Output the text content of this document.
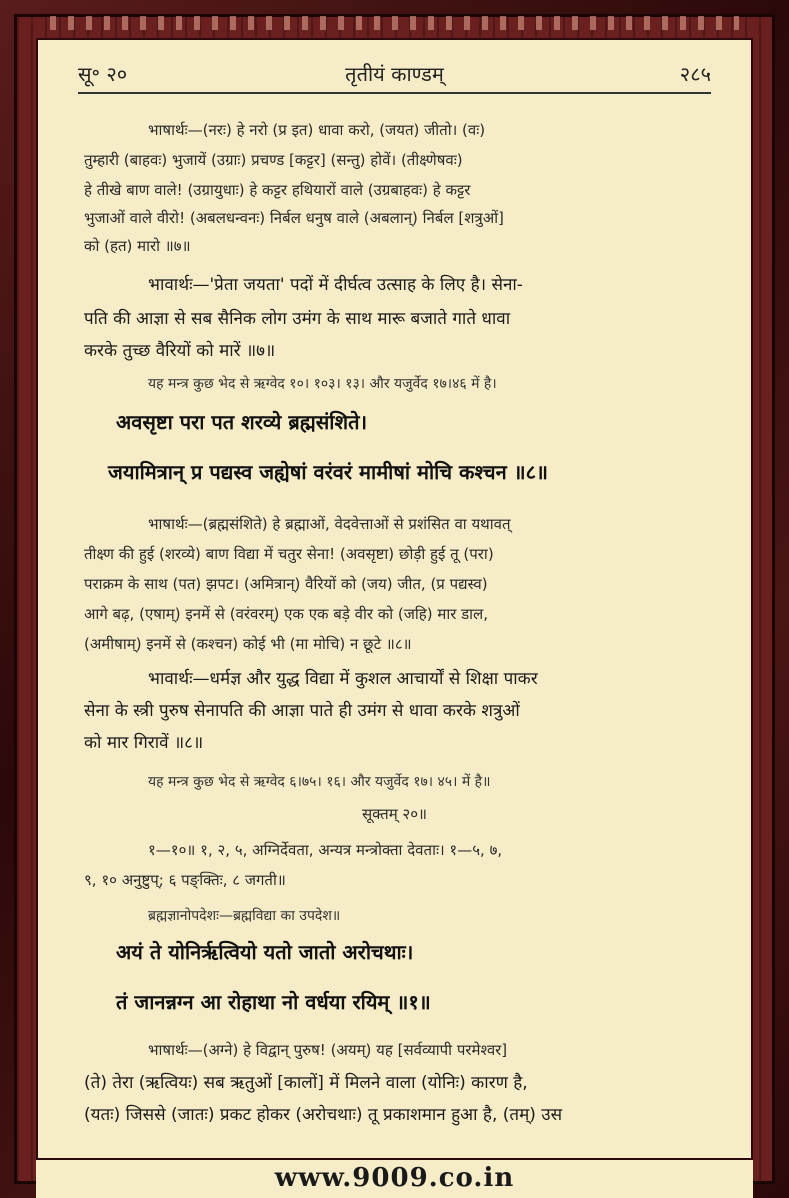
सू॰ २०	तृतीयं काण्डम्	२८५
भाषार्थः—(नरः) हे नरो (प्र इत) धावा करो, (जयत) जीतो। (वः)
तुम्हारी (बाहवः) भुजायें (उग्राः) प्रचण्ड [कट्टर] (सन्तु) होवें। (तीक्ष्णेषवः)
हे तीखे बाण वाले! (उग्रायुधाः) हे कट्टर हथियारों वाले (उग्रबाहवः) हे कट्टर
भुजाओं वाले वीरो! (अबलधन्वनः) निर्बल धनुष वाले (अबलान्) निर्बल [शत्रुओं]
को (हत) मारो ॥७॥
भावार्थः—'प्रेता जयता' पदों में दीर्घत्व उत्साह के लिए है। सेना-
पति की आज्ञा से सब सैनिक लोग उमंग के साथ मारू बजाते गाते धावा
करके तुच्छ वैरियों को मारें ॥७॥
यह मन्त्र कुछ भेद से ऋग्वेद १०। १०३। १३। और यजुर्वेद १७।४६ में है।
अवसृष्टा परा पत शरव्ये ब्रह्मसंशिते।
जयामित्रान् प्र पद्यस्व जह्येषां वरंवरं मामीषां मोचि कश्चन ॥८॥
भाषार्थः—(ब्रह्मसंशिते) हे ब्रह्माओं, वेदवेत्ताओं से प्रशंसित वा यथावत्
तीक्ष्ण की हुई (शरव्ये) बाण विद्या में चतुर सेना! (अवसृष्टा) छोड़ी हुई तू (परा)
पराक्रम के साथ (पत) झपट। (अमित्रान्) वैरियों को (जय) जीत, (प्र पद्यस्व)
आगे बढ़, (एषाम्) इनमें से (वरंवरम्) एक एक बड़े वीर को (जहि) मार डाल,
(अमीषाम्) इनमें से (कश्चन) कोई भी (मा मोचि) न छूटे ॥८॥
भावार्थः—धर्मज्ञ और युद्ध विद्या में कुशल आचार्यों से शिक्षा पाकर
सेना के स्त्री पुरुष सेनापति की आज्ञा पाते ही उमंग से धावा करके शत्रुओं
को मार गिरावें ॥८॥
यह मन्त्र कुछ भेद से ऋग्वेद ६।७५। १६। और यजुर्वेद १७। ४५। में है॥
सूक्तम् २०॥
१—१०॥ १, २, ५, अग्निर्देवता, अन्यत्र मन्त्रोक्ता देवताः। १—५, ७,
९, १० अनुष्टुप्; ६ पङ्क्तिः, ८ जगती॥
ब्रह्मज्ञानोपदेशः—ब्रह्मविद्या का उपदेश॥
अयं ते योनिर्ऋत्वियो यतो जातो अरोचथाः।
तं जानन्नग्न आ रोहाथा नो वर्धया रयिम् ॥१॥
भाषार्थः—(अग्ने) हे विद्वान् पुरुष! (अयम्) यह [सर्वव्यापी परमेश्वर]
(ते) तेरा (ऋत्वियः) सब ऋतुओं [कालों] में मिलने वाला (योनिः) कारण है,
(यतः) जिससे (जातः) प्रकट होकर (अरोचथाः) तू प्रकाशमान हुआ है, (तम्) उस
www.9009.co.in
